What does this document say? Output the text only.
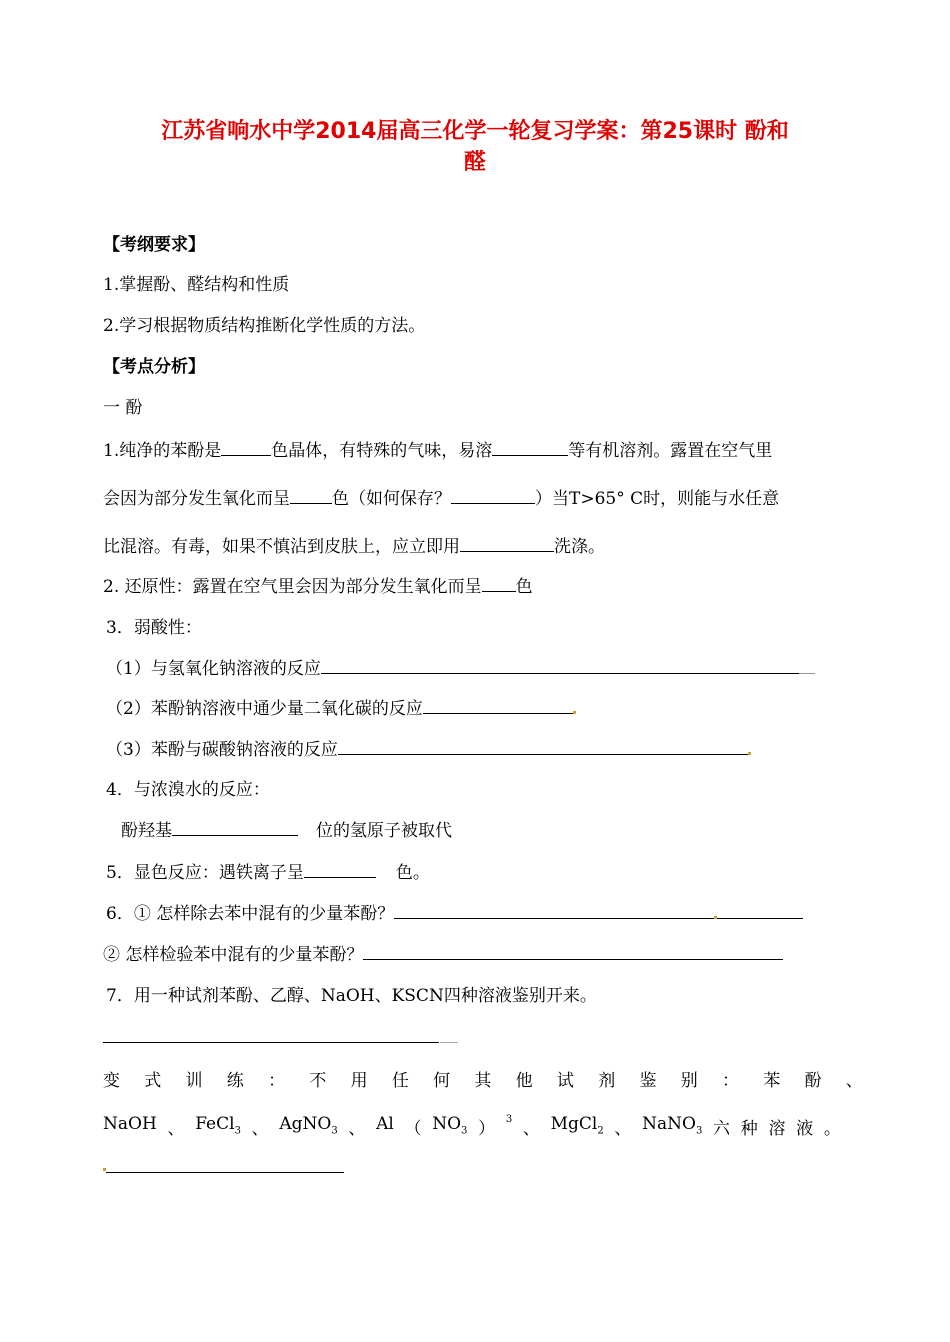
江苏省响水中学2014届高三化学一轮复习学案：第25课时 酚和
醛
【考纲要求】
1.掌握酚、醛结构和性质
2.学习根据物质结构推断化学性质的方法。
【考点分析】
一 酚
1.纯净的苯酚是	色晶体，有特殊的气味，易溶	等有机溶剂。露置在空气里
会因为部分发生氧化而呈 色（如何保存？	）当T>65° C时，则能与水任意
比混溶。有毒，如果不慎沾到皮肤上，应立即用	洗涤。
2. 还原性：露置在空气里会因为部分发生氧化而呈 色
3．弱酸性：
（1）与氢氧化钠溶液的反应
（2）苯酚钠溶液中通少量二氧化碳的反应
（3）苯酚与碳酸钠溶液的反应
4．与浓溴水的反应：
酚羟基	位的氢原子被取代
5．显色反应：遇铁离子呈	色。
6．① 怎样除去苯中混有的少量苯酚？
② 怎样检验苯中混有的少量苯酚？
7．用一种试剂苯酚、乙醇、NaOH、KSCN四种溶液鉴别开来。
变 式 训 练 ： 不 用 任 何 其 他 试 剂 鉴 别 ： 苯 酚 、
NaOH 、 FeCl$_3$ 、 AgNO$_3$ 、 Al （ $NO_3$ ） 3 、 MgCl$_2$ 、 NaNO$_3$ 六 种 溶 液 。
